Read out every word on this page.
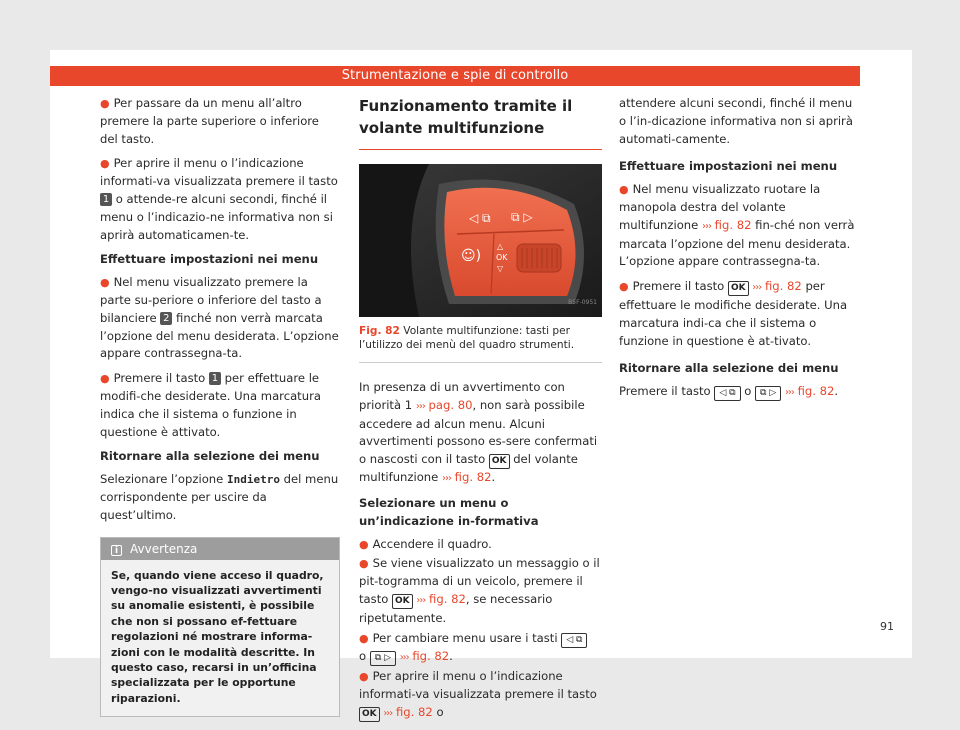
Strumentazione e spie di controllo
● Per passare da un menu all’altro premere la parte superiore o inferiore del tasto.
● Per aprire il menu o l’indicazione informati-va visualizzata premere il tasto 1 o attende-re alcuni secondi, finché il menu o l’indicazio-ne informativa non si aprirà automaticamen-te.
Effettuare impostazioni nei menu
● Nel menu visualizzato premere la parte su-periore o inferiore del tasto a bilanciere 2 finché non verrà marcata l’opzione del menu desiderata. L’opzione appare contrassegna-ta.
● Premere il tasto 1 per effettuare le modifi-che desiderate. Una marcatura indica che il sistema o funzione in questione è attivato.
Ritornare alla selezione dei menu
Selezionare l’opzione Indietro del menu corrispondente per uscire da quest’ultimo.
i Avvertenza
Se, quando viene acceso il quadro, vengo-no visualizzati avvertimenti su anomalie esistenti, è possibile che non si possano ef-fettuare regolazioni né mostrare informa-zioni con le modalità descritte. In questo caso, recarsi in un’officina specializzata per le opportune riparazioni.
Funzionamento tramite il volante multifunzione
◁ ⧉ ⧉ ▷
☺)
△
OK
▽
B5F-0951
Fig. 82 Volante multifunzione: tasti per l’utilizzo dei menù del quadro strumenti.
In presenza di un avvertimento con priorità 1 ››› pag. 80, non sarà possibile accedere ad alcun menu. Alcuni avvertimenti possono es-sere confermati o nascosti con il tasto OK del volante multifunzione ››› fig. 82.
Selezionare un menu o un’indicazione in-formativa
● Accendere il quadro.
● Se viene visualizzato un messaggio o il pit-togramma di un veicolo, premere il tasto OK ››› fig. 82, se necessario ripetutamente.
● Per cambiare menu usare i tasti ◁ ⧉
o ⧉ ▷ ››› fig. 82.
● Per aprire il menu o l’indicazione informati-va visualizzata premere il tasto OK ››› fig. 82 o
attendere alcuni secondi, finché il menu o l’in-dicazione informativa non si aprirà automati-camente.
Effettuare impostazioni nei menu
● Nel menu visualizzato ruotare la manopola destra del volante multifunzione ››› fig. 82 fin-ché non verrà marcata l’opzione del menu desiderata. L’opzione appare contrassegna-ta.
● Premere il tasto OK ››› fig. 82 per effettuare le modifiche desiderate. Una marcatura indi-ca che il sistema o funzione in questione è at-tivato.
Ritornare alla selezione dei menu
Premere il tasto ◁ ⧉ o ⧉ ▷ ››› fig. 82.
91
